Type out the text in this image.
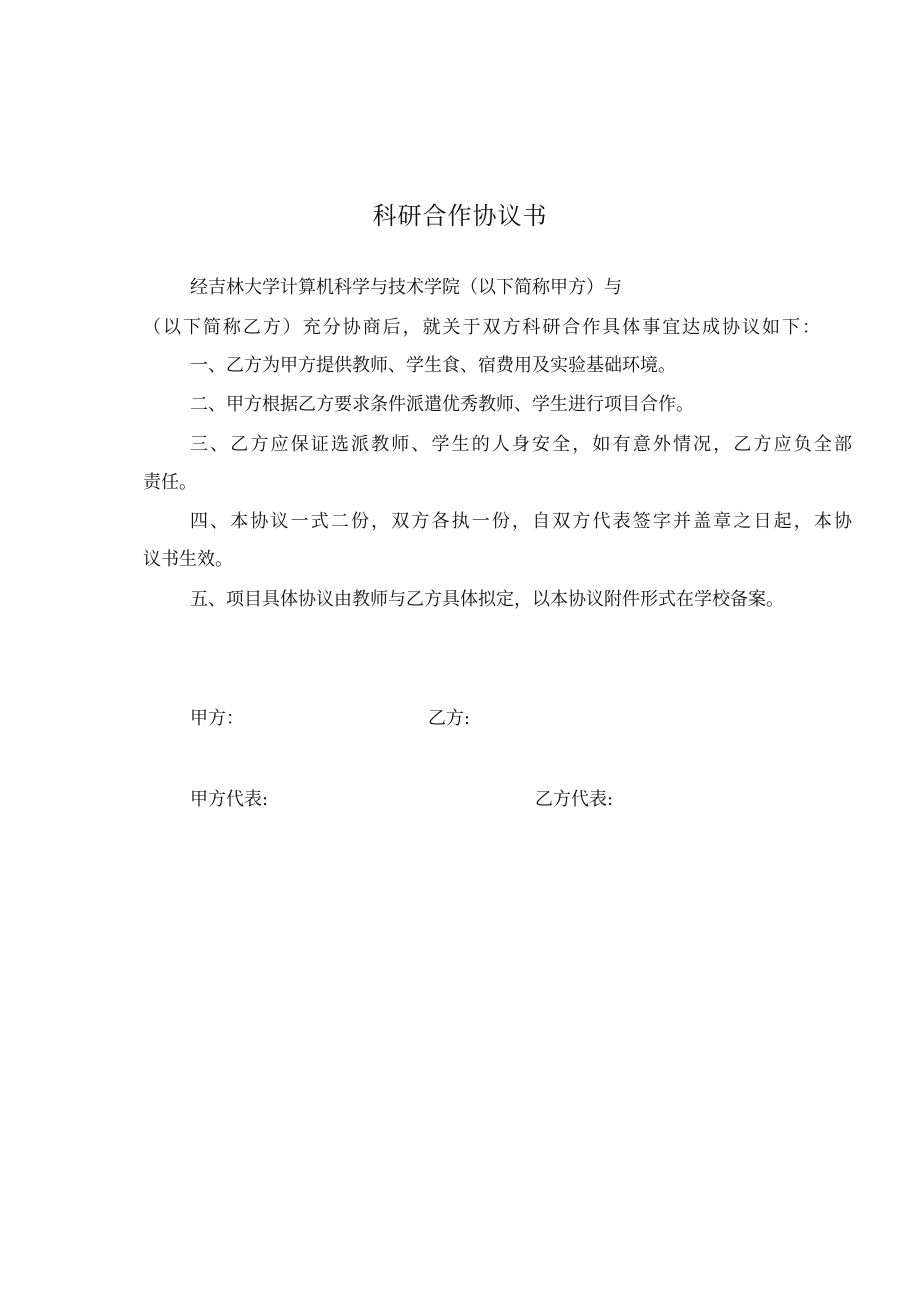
科研合作协议书
经吉林大学计算机科学与技术学院（以下简称甲方）与
（以下简称乙方）充分协商后，就关于双方科研合作具体事宜达成协议如下：
一、乙方为甲方提供教师、学生食、宿费用及实验基础环境。
二、甲方根据乙方要求条件派遣优秀教师、学生进行项目合作。
三、乙方应保证选派教师、学生的人身安全，如有意外情况，乙方应负全部
责任。
四、本协议一式二份，双方各执一份，自双方代表签字并盖章之日起，本协
议书生效。
五、项目具体协议由教师与乙方具体拟定，以本协议附件形式在学校备案。
甲方：	乙方:
甲方代表:	乙方代表:
